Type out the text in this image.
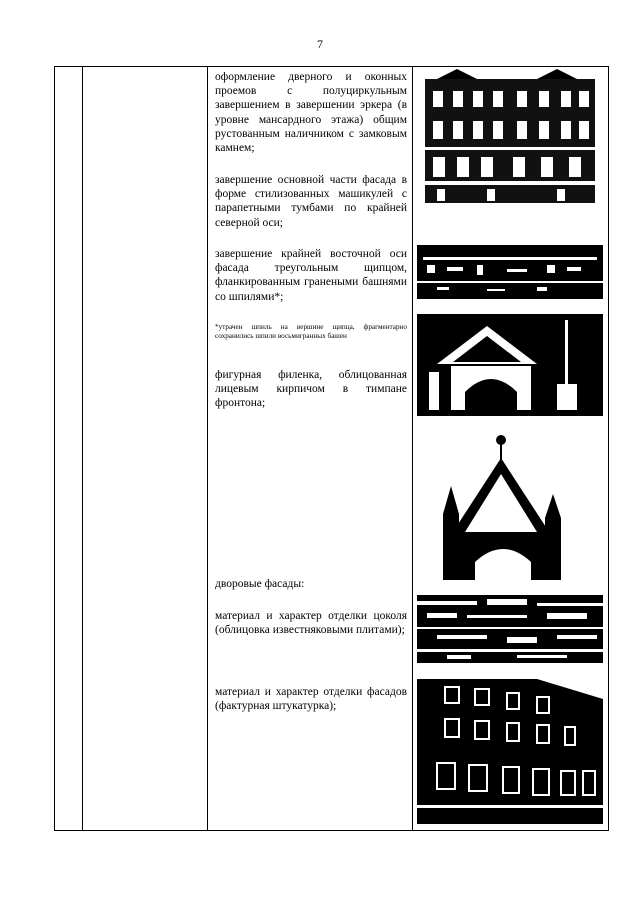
7
оформление дверного и оконных проемов с полуциркульным завершением в завершении эркера (в уровне мансардного этажа) общим рустованным наличником с замковым камнем;
завершение основной части фасада в форме стилизованных машикулей с парапетными тумбами по крайней северной оси;
завершение крайней восточной оси фасада треугольным щипцом, фланкированным гранеными башнями со шпилями*;
*утрачен шпиль на вершине щипца, фрагментарно сохранились шпили восьмигранных башен
фигурная филенка, облицованная лицевым кирпичом в тимпане фронтона;
дворовые фасады:
материал и характер отделки цоколя (облицовка известняковыми плитами);
материал и характер отделки фасадов (фактурная штукатурка);
